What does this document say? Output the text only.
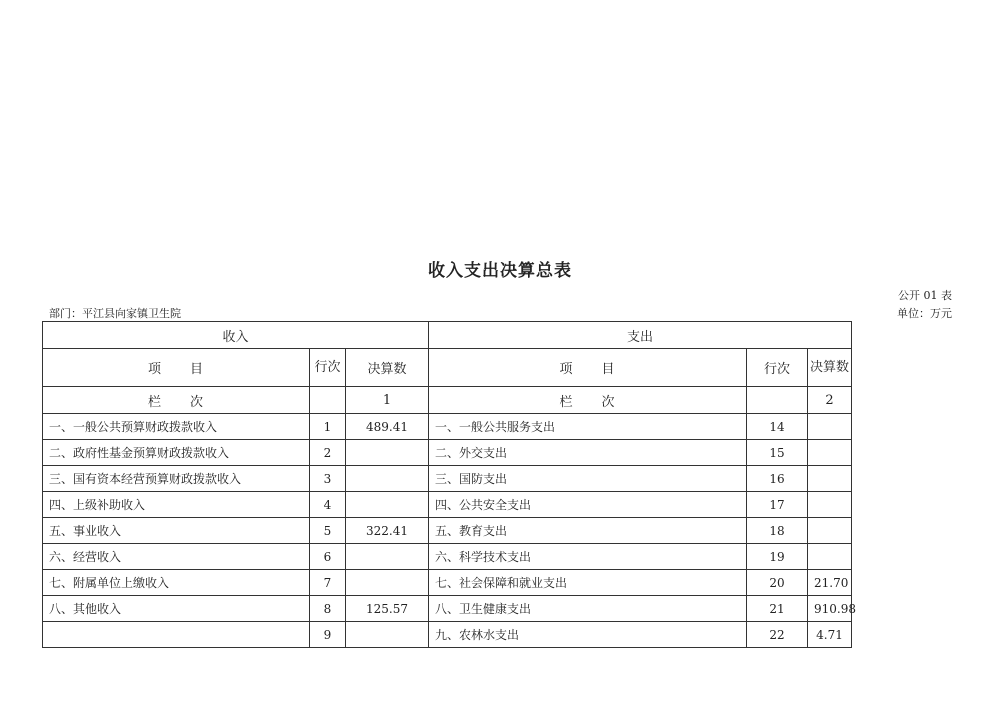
收入支出决算总表
公开 01 表
部门：平江县向家镇卫生院	单位：万元
收入			支出		
项　　目	行次	决算数	项　　目	行次	决算数
栏　　次		1	栏　　次		2
一、一般公共预算财政拨款收入	1	489.41	一、一般公共服务支出	14	
二、政府性基金预算财政拨款收入	2		二、外交支出	15	
三、国有资本经营预算财政拨款收入	3		三、国防支出	16	
四、上级补助收入	4		四、公共安全支出	17	
五、事业收入	5	322.41	五、教育支出	18	
六、经营收入	6		六、科学技术支出	19	
七、附属单位上缴收入	7		七、社会保障和就业支出	20	21.70
八、其他收入	8	125.57	八、卫生健康支出	21	910.98
	9		九、农林水支出	22	4.71
